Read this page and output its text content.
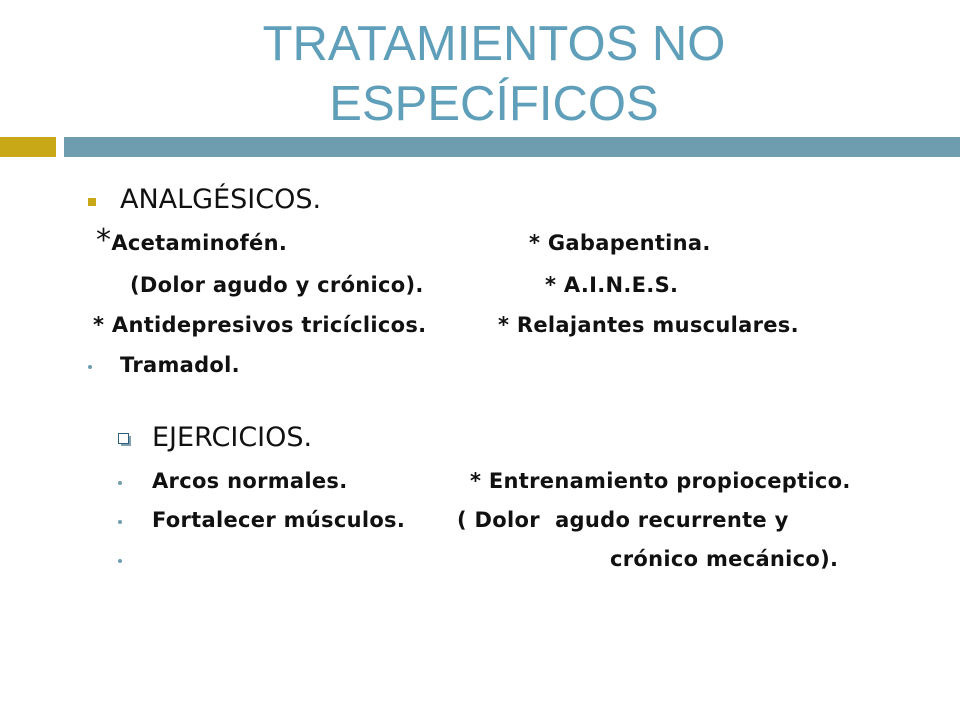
TRATAMIENTOS NO
ESPECÍFICOS
ANALGÉSICOS.
*Acetaminofén.	* Gabapentina.
(Dolor agudo y crónico).	* A.I.N.E.S.
* Antidepresivos tricíclicos.	* Relajantes musculares.
Tramadol.
EJERCICIOS.
Arcos normales.	* Entrenamiento propioceptico.
Fortalecer músculos. ( Dolor  agudo recurrente y
crónico mecánico).
